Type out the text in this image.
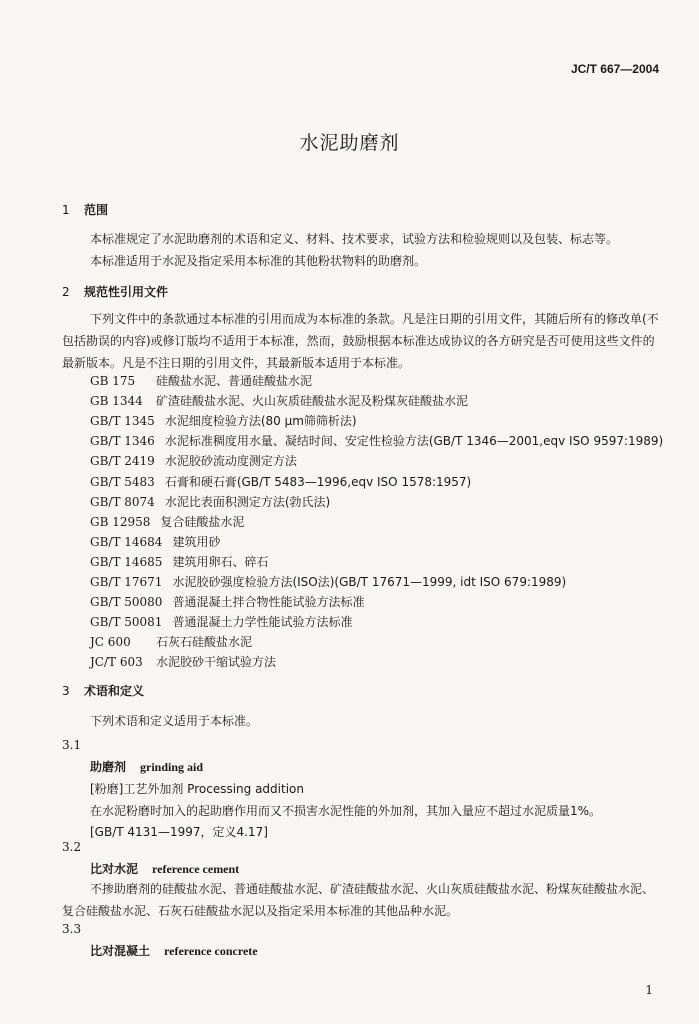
JC/T 667—2004
水泥助磨剂
1 范围
本标准规定了水泥助磨剂的术语和定义、材料、技术要求，试验方法和检验规则以及包装、标志等。
本标准适用于水泥及指定采用本标准的其他粉状物料的助磨剂。
2 规范性引用文件
下列文件中的条款通过本标准的引用而成为本标准的条款。凡是注日期的引用文件，其随后所有的修改单(不包括勘误的内容)或修订版均不适用于本标准，然而，鼓励根据本标准达成协议的各方研究是否可使用这些文件的最新版本。凡是不注日期的引用文件，其最新版本适用于本标准。
GB 175 硅酸盐水泥、普通硅酸盐水泥
GB 1344 矿渣硅酸盐水泥、火山灰质硅酸盐水泥及粉煤灰硅酸盐水泥
GB/T 1345 水泥细度检验方法(80 μm筛筛析法)
GB/T 1346 水泥标准稠度用水量、凝结时间、安定性检验方法(GB/T 1346—2001,eqv ISO 9597:1989)
GB/T 2419 水泥胶砂流动度测定方法
GB/T 5483 石膏和硬石膏(GB/T 5483—1996,eqv ISO 1578:1957)
GB/T 8074 水泥比表面积测定方法(勃氏法)
GB 12958 复合硅酸盐水泥
GB/T 14684 建筑用砂
GB/T 14685 建筑用卵石、碎石
GB/T 17671 水泥胶砂强度检验方法(ISO法)(GB/T 17671—1999, idt ISO 679:1989)
GB/T 50080 普通混凝土拌合物性能试验方法标准
GB/T 50081 普通混凝土力学性能试验方法标准
JC 600 石灰石硅酸盐水泥
JC/T 603 水泥胶砂干缩试验方法
3 术语和定义
下列术语和定义适用于本标准。
3.1
助磨剂 grinding aid
[粉磨]工艺外加剂 Processing addition
在水泥粉磨时加入的起助磨作用而又不损害水泥性能的外加剂，其加入量应不超过水泥质量1%。
[GB/T 4131—1997，定义4.17]
3.2
比对水泥 reference cement
不掺助磨剂的硅酸盐水泥、普通硅酸盐水泥、矿渣硅酸盐水泥、火山灰质硅酸盐水泥、粉煤灰硅酸盐水泥、复合硅酸盐水泥、石灰石硅酸盐水泥以及指定采用本标准的其他品种水泥。
3.3
比对混凝土 reference concrete
1
